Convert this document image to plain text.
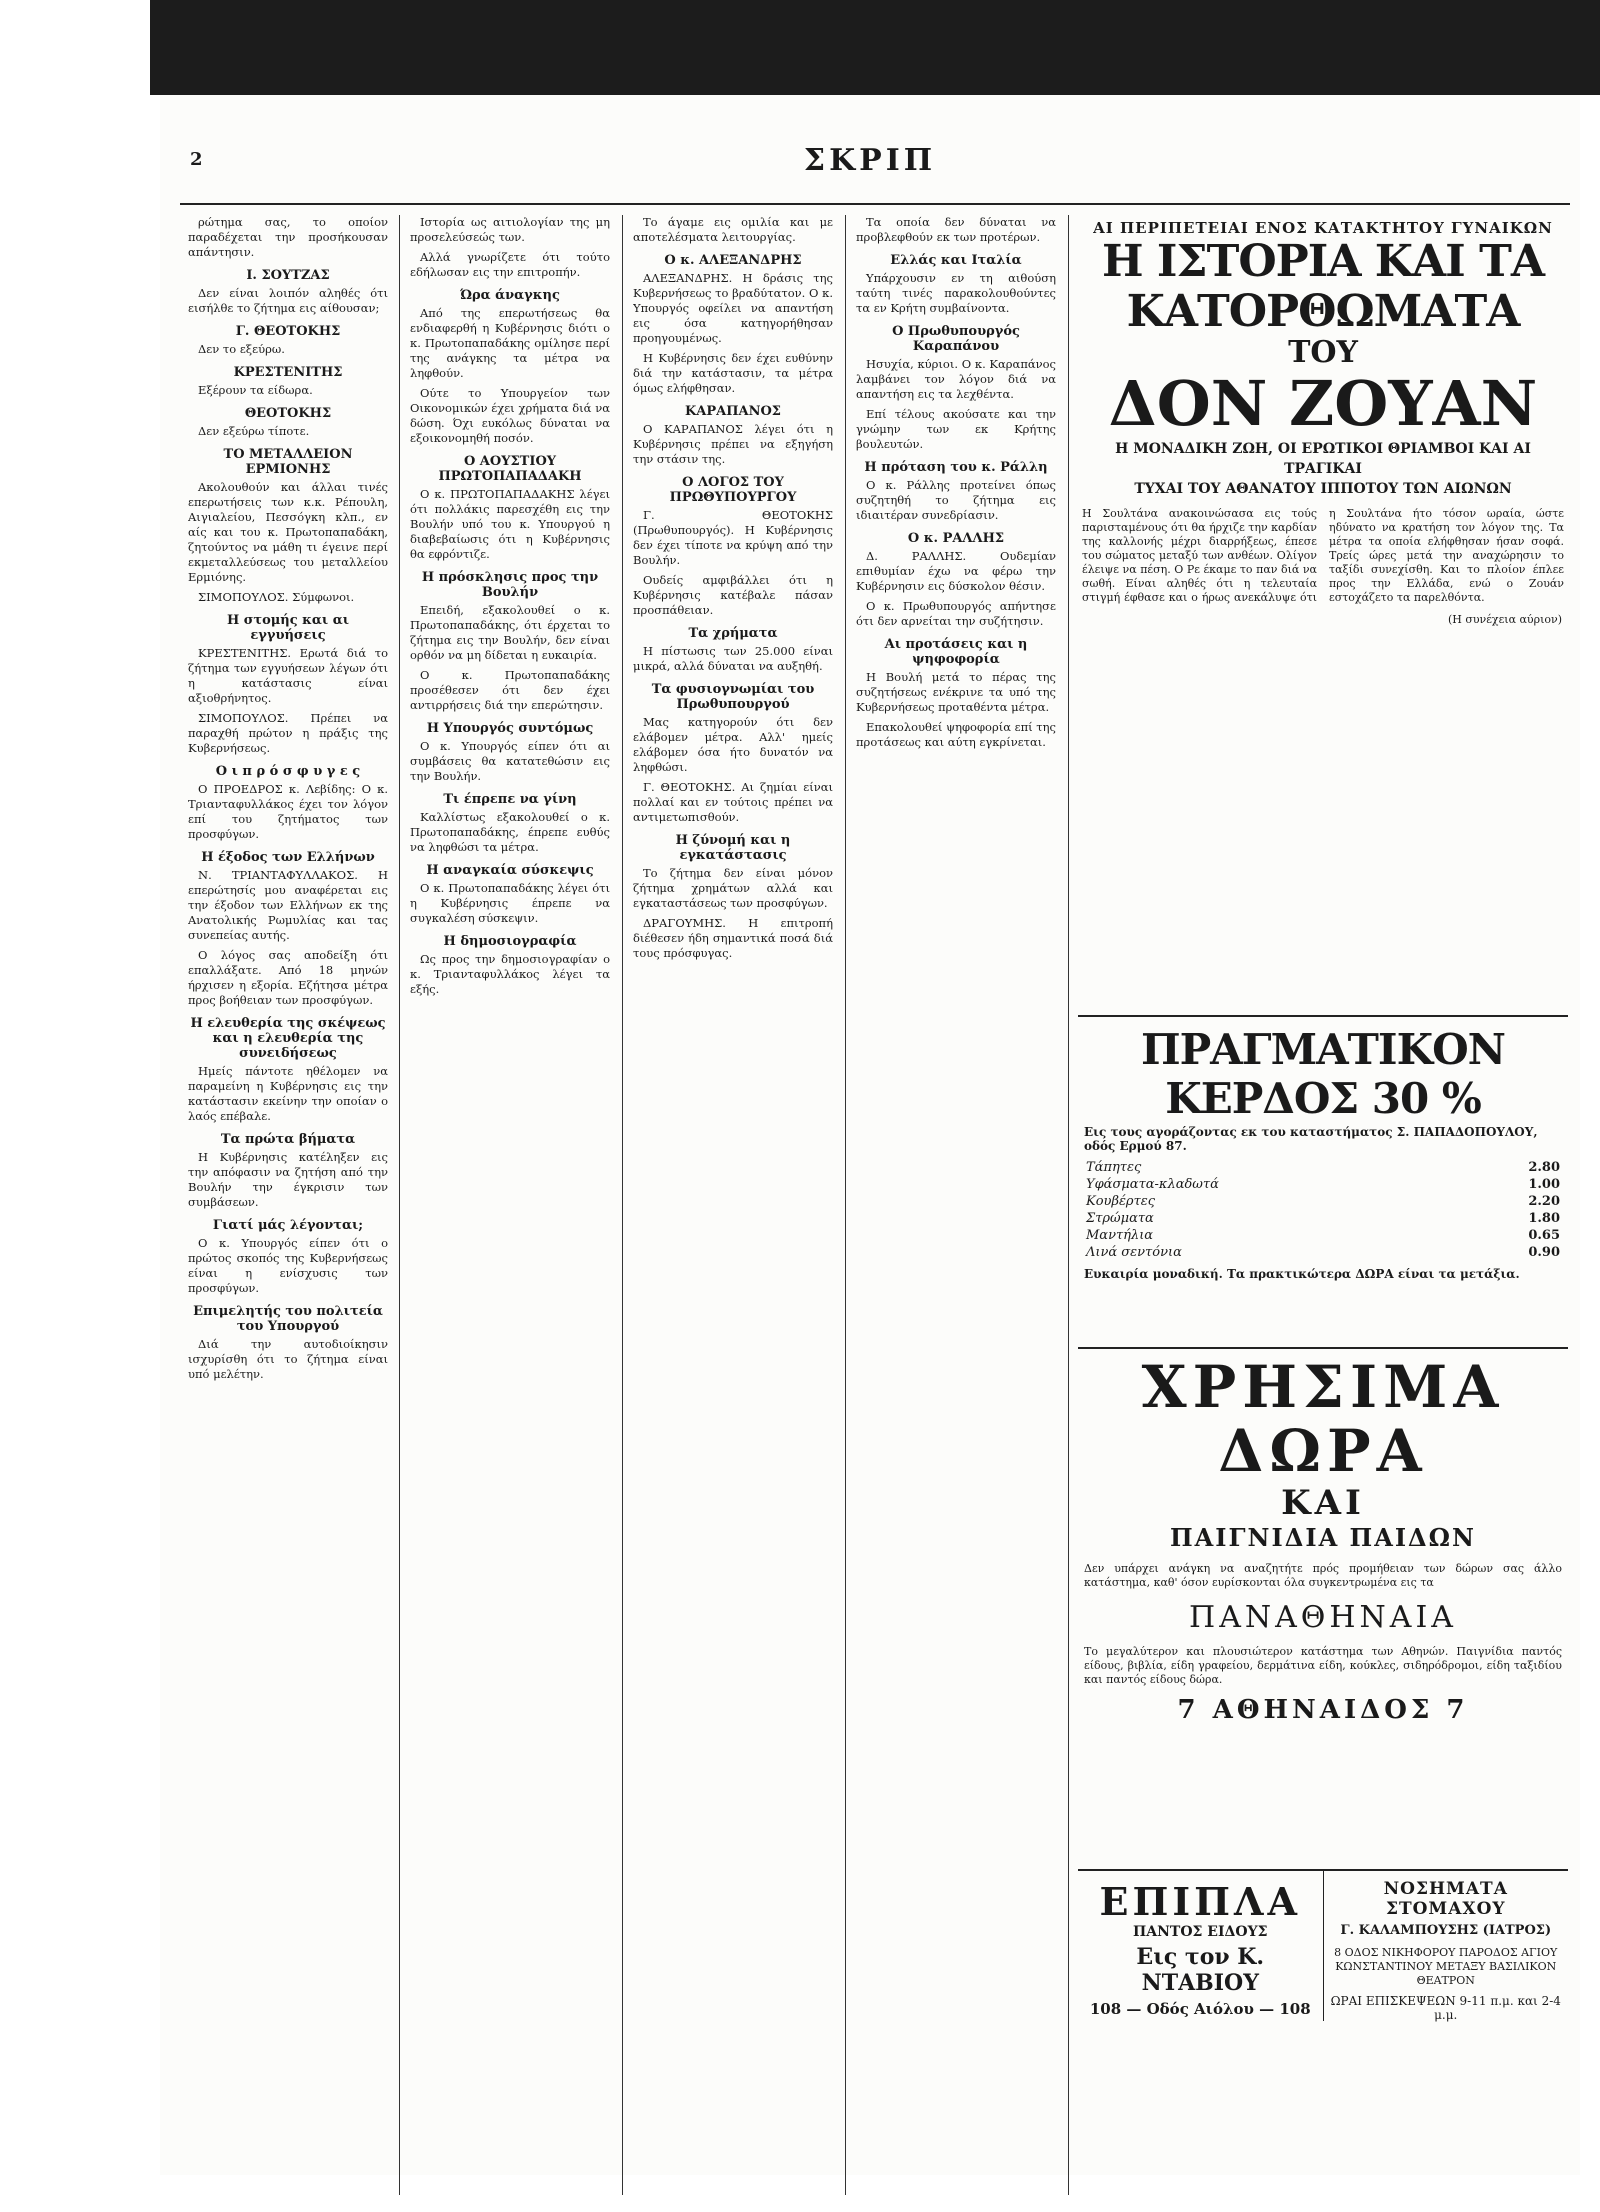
2	ΣΚΡΙΠ

ρώτημα σας, το οποίον παραδέχεται την προσήκουσαν απάντησιν.

Ι. ΣΟΥΤΖΑΣ

Δεν είναι λοιπόν αληθές ότι εισήλθε το ζήτημα εις αίθουσαν;

Γ. ΘΕΟΤΟΚΗΣ

Δεν το εξεύρω.

ΚΡΕΣΤΕΝΙΤΗΣ

Εξέρουν τα είδωρα.

ΘΕΟΤΟΚΗΣ

Δεν εξεύρω τίποτε.

ΤΟ ΜΕΤΑΛΛΕΙΟΝ ΕΡΜΙΟΝΗΣ

Ακολουθούν και άλλαι τινές επερωτήσεις των κ.κ. Ρέπουλη, Αιγιαλείου, Πεσσόγκη κλπ., εν αίς και του κ. Πρωτοπαπαδάκη, ζητούντος να μάθη τι έγεινε περί εκμεταλλεύσεως του μεταλλείου Ερμιόνης.

ΣΙΜΟΠΟΥΛΟΣ. Σύμφωνοι.

Η στομής και αι εγγυήσεις

ΚΡΕΣΤΕΝΙΤΗΣ. Ερωτά διά το ζήτημα των εγγυήσεων λέγων ότι η κατάστασις είναι αξιοθρήνητος.

ΣΙΜΟΠΟΥΛΟΣ. Πρέπει να παραχθή πρώτον η πράξις της Κυβερνήσεως.

Ο ι π ρ ό σ φ υ γ ε ς

Ο ΠΡΟΕΔΡΟΣ κ. Λεβίδης: Ο κ. Τριανταφυλλάκος έχει τον λόγον επί του ζητήματος των προσφύγων.

Η έξοδος των Ελλήνων

Ν. ΤΡΙΑΝΤΑΦΥΛΛΑΚΟΣ. Η επερώτησίς μου αναφέρεται εις την έξοδον των Ελλήνων εκ της Ανατολικής Ρωμυλίας και τας συνεπείας αυτής.

Ο λόγος σας αποδείξη ότι επαλλάξατε. Από 18 μηνών ήρχισεν η εξορία. Εζήτησα μέτρα προς βοήθειαν των προσφύγων.

Η ελευθερία της σκέψεως και η ελευθερία της συνειδήσεως

Ημείς πάντοτε ηθέλομεν να παραμείνη η Κυβέρνησις εις την κατάστασιν εκείνην την οποίαν ο λαός επέβαλε.

Τα πρώτα βήματα

Η Κυβέρνησις κατέληξεν εις την απόφασιν να ζητήση από την Βουλήν την έγκρισιν των συμβάσεων.

Γιατί μάς λέγονται;

Ο κ. Υπουργός είπεν ότι ο πρώτος σκοπός της Κυβερνήσεως είναι η ενίσχυσις των προσφύγων.

Επιμελητής του πολιτεία του Υπουργού

Διά την αυτοδιοίκησιν ισχυρίσθη ότι το ζήτημα είναι υπό μελέτην.

Ιστορία ως αιτιολογίαν της μη προσελεύσεώς των.

Αλλά γνωρίζετε ότι τούτο εδήλωσαν εις την επιτροπήν.

Ώρα άναγκης

Από της επερωτήσεως θα ενδιαφερθή η Κυβέρνησις διότι ο κ. Πρωτοπαπαδάκης ομίλησε περί της ανάγκης τα μέτρα να ληφθούν.

Ούτε το Υπουργείον των Οικονομικών έχει χρήματα διά να δώση. Όχι ευκόλως δύναται να εξοικονομηθή ποσόν.

Ο ΑΟΥΣΤΙΟΥ ΠΡΩΤΟΠΑΠΑΔΑΚΗ

Ο κ. ΠΡΩΤΟΠΑΠΑΔΑΚΗΣ λέγει ότι πολλάκις παρεσχέθη εις την Βουλήν υπό του κ. Υπουργού η διαβεβαίωσις ότι η Κυβέρνησις θα εφρόντιζε.

Η πρόσκλησις προς την Βουλήν

Επειδή, εξακολουθεί ο κ. Πρωτοπαπαδάκης, ότι έρχεται το ζήτημα εις την Βουλήν, δεν είναι ορθόν να μη δίδεται η ευκαιρία.

Ο κ. Πρωτοπαπαδάκης προσέθεσεν ότι δεν έχει αντιρρήσεις διά την επερώτησιν.

Η Υπουργός συντόμως

Ο κ. Υπουργός είπεν ότι αι συμβάσεις θα κατατεθώσιν εις την Βουλήν.

Τι έπρεπε να γίνη

Καλλίστως εξακολουθεί ο κ. Πρωτοπαπαδάκης, έπρεπε ευθύς να ληφθώσι τα μέτρα.

Η αναγκαία σύσκεψις

Ο κ. Πρωτοπαπαδάκης λέγει ότι η Κυβέρνησις έπρεπε να συγκαλέση σύσκεψιν.

Η δημοσιογραφία

Ως προς την δημοσιογραφίαν ο κ. Τριανταφυλλάκος λέγει τα εξής.

Το άγαμε εις ομιλία και με αποτελέσματα λειτουργίας.

Ο κ. ΑΛΕΞΑΝΔΡΗΣ

ΑΛΕΞΑΝΔΡΗΣ. Η δράσις της Κυβερνήσεως το βραδύτατον. Ο κ. Υπουργός οφείλει να απαντήση εις όσα κατηγορήθησαν προηγουμένως.

Η Κυβέρνησις δεν έχει ευθύνην διά την κατάστασιν, τα μέτρα όμως ελήφθησαν.

ΚΑΡΑΠΑΝΟΣ

Ο ΚΑΡΑΠΑΝΟΣ λέγει ότι η Κυβέρνησις πρέπει να εξηγήση την στάσιν της.

Ο ΛΟΓΟΣ ΤΟΥ ΠΡΩΘΥΠΟΥΡΓΟΥ

Γ. ΘΕΟΤΟΚΗΣ (Πρωθυπουργός). Η Κυβέρνησις δεν έχει τίποτε να κρύψη από την Βουλήν.

Ουδείς αμφιβάλλει ότι η Κυβέρνησις κατέβαλε πάσαν προσπάθειαν.

Τα χρήματα

Η πίστωσις των 25.000 είναι μικρά, αλλά δύναται να αυξηθή.

Τα φυσιογνωμίαι του Πρωθυπουργού

Μας κατηγορούν ότι δεν ελάβομεν μέτρα. Αλλ' ημείς ελάβομεν όσα ήτο δυνατόν να ληφθώσι.

Γ. ΘΕΟΤΟΚΗΣ. Αι ζημίαι είναι πολλαί και εν τούτοις πρέπει να αντιμετωπισθούν.

Η ζύνομή και η εγκατάστασις

Το ζήτημα δεν είναι μόνον ζήτημα χρημάτων αλλά και εγκαταστάσεως των προσφύγων.

ΔΡΑΓΟΥΜΗΣ. Η επιτροπή διέθεσεν ήδη σημαντικά ποσά διά τους πρόσφυγας.

Τα οποία δεν δύναται να προβλεφθούν εκ των προτέρων.

Ελλάς και Ιταλία

Υπάρχουσιν εν τη αιθούση ταύτη τινές παρακολουθούντες τα εν Κρήτη συμβαίνοντα.

Ο Πρωθυπουργός Καραπάνου

Ησυχία, κύριοι. Ο κ. Καραπάνος λαμβάνει τον λόγον διά να απαντήση εις τα λεχθέντα.

Επί τέλους ακούσατε και την γνώμην των εκ Κρήτης βουλευτών.

Η πρόταση του κ. Ράλλη

Ο κ. Ράλλης προτείνει όπως συζητηθή το ζήτημα εις ιδιαιτέραν συνεδρίασιν.

Ο κ. ΡΑΛΛΗΣ

Δ. ΡΑΛΛΗΣ. Ουδεμίαν επιθυμίαν έχω να φέρω την Κυβέρνησιν εις δύσκολον θέσιν.

Ο κ. Πρωθυπουργός απήντησε ότι δεν αρνείται την συζήτησιν.

Αι προτάσεις και η ψηφοφορία

Η Βουλή μετά το πέρας της συζητήσεως ενέκρινε τα υπό της Κυβερνήσεως προταθέντα μέτρα.

Επακολουθεί ψηφοφορία επί της προτάσεως και αύτη εγκρίνεται.

ΑΙ ΠΕΡΙΠΕΤΕΙΑΙ ΕΝΟΣ ΚΑΤΑΚΤΗΤΟΥ ΓΥΝΑΙΚΩΝ
Η ΙΣΤΟΡΙΑ ΚΑΙ ΤΑ ΚΑΤΟΡΘΩΜΑΤΑ
ΤΟΥ
ΔΟΝ ΖΟΥΑΝ
Η ΜΟΝΑΔΙΚΗ ΖΩΗ, ΟΙ ΕΡΩΤΙΚΟΙ ΘΡΙΑΜΒΟΙ ΚΑΙ ΑΙ ΤΡΑΓΙΚΑΙ
ΤΥΧΑΙ ΤΟΥ ΑΘΑΝΑΤΟΥ ΙΠΠΟΤΟΥ ΤΩΝ ΑΙΩΝΩΝ
Η Σουλτάνα ανακοινώσασα εις τούς παρισταμένους ότι θα ήρχιζε την καρδίαν της καλλονής μέχρι διαρρήξεως, έπεσε του σώματος μεταξύ των ανθέων. Ολίγον έλειψε να πέση. Ο Ρε έκαμε το παν διά να σωθή. Είναι αληθές ότι η τελευταία στιγμή έφθασε και ο ήρως ανεκάλυψε ότι η Σουλτάνα ήτο τόσον ωραία, ώστε ηδύνατο να κρατήση τον λόγον της. Τα μέτρα τα οποία ελήφθησαν ήσαν σοφά. Τρείς ώρες μετά την αναχώρησιν το ταξίδι συνεχίσθη. Και το πλοίον έπλεε προς την Ελλάδα, ενώ ο Ζουάν εστοχάζετο τα παρελθόντα.
(Η συνέχεια αύριον)
ΠΡΑΓΜΑΤΙΚΟΝ ΚΕΡΔΟΣ 30 %
Εις τους αγοράζοντας εκ του καταστήματος Σ. ΠΑΠΑΔΟΠΟΥΛΟΥ, οδός Ερμού 87.
Τάπητες	2.80
Υφάσματα-κλαδωτά	1.00
Κουβέρτες	2.20
Στρώματα	1.80
Μαντήλια	0.65
Λινά σεντόνια	0.90
Ευκαιρία μοναδική. Τα πρακτικώτερα ΔΩΡΑ είναι τα μετάξια.
ΧΡΗΣΙΜΑ ΔΩΡΑ
ΚΑΙ
ΠΑΙΓΝΙΔΙΑ ΠΑΙΔΩΝ
Δεν υπάρχει ανάγκη να αναζητήτε πρός προμήθειαν των δώρων σας άλλο κατάστημα, καθ' όσον ευρίσκονται όλα συγκεντρωμένα εις τα
ΠΑΝΑΘΗΝΑΙΑ
Το μεγαλύτερον και πλουσιώτερον κατάστημα των Αθηνών. Παιγνίδια παντός είδους, βιβλία, είδη γραφείου, δερμάτινα είδη, κούκλες, σιδηρόδρομοι, είδη ταξιδίου και παντός είδους δώρα.
7 ΑΘΗΝΑΙΔΟΣ 7
ΕΠΙΠΛΑ
ΠΑΝΤΟΣ ΕΙΔΟΥΣ
Εις τον Κ. ΝΤΑΒΙΟΥ
108 — Οδός Αιόλου — 108
ΝΟΣΗΜΑΤΑ ΣΤΟΜΑΧΟΥ
Γ. ΚΑΛΑΜΠΟΥΣΗΣ (ΙΑΤΡΟΣ)
8 ΟΔΟΣ ΝΙΚΗΦΟΡΟΥ ΠΑΡΟΔΟΣ ΑΓΙΟΥ ΚΩΝΣΤΑΝΤΙΝΟΥ ΜΕΤΑΞΥ ΒΑΣΙΛΙΚΟΝ ΘΕΑΤΡΟΝ
ΩΡΑΙ ΕΠΙΣΚΕΨΕΩΝ 9-11 π.μ. και 2-4 μ.μ.
